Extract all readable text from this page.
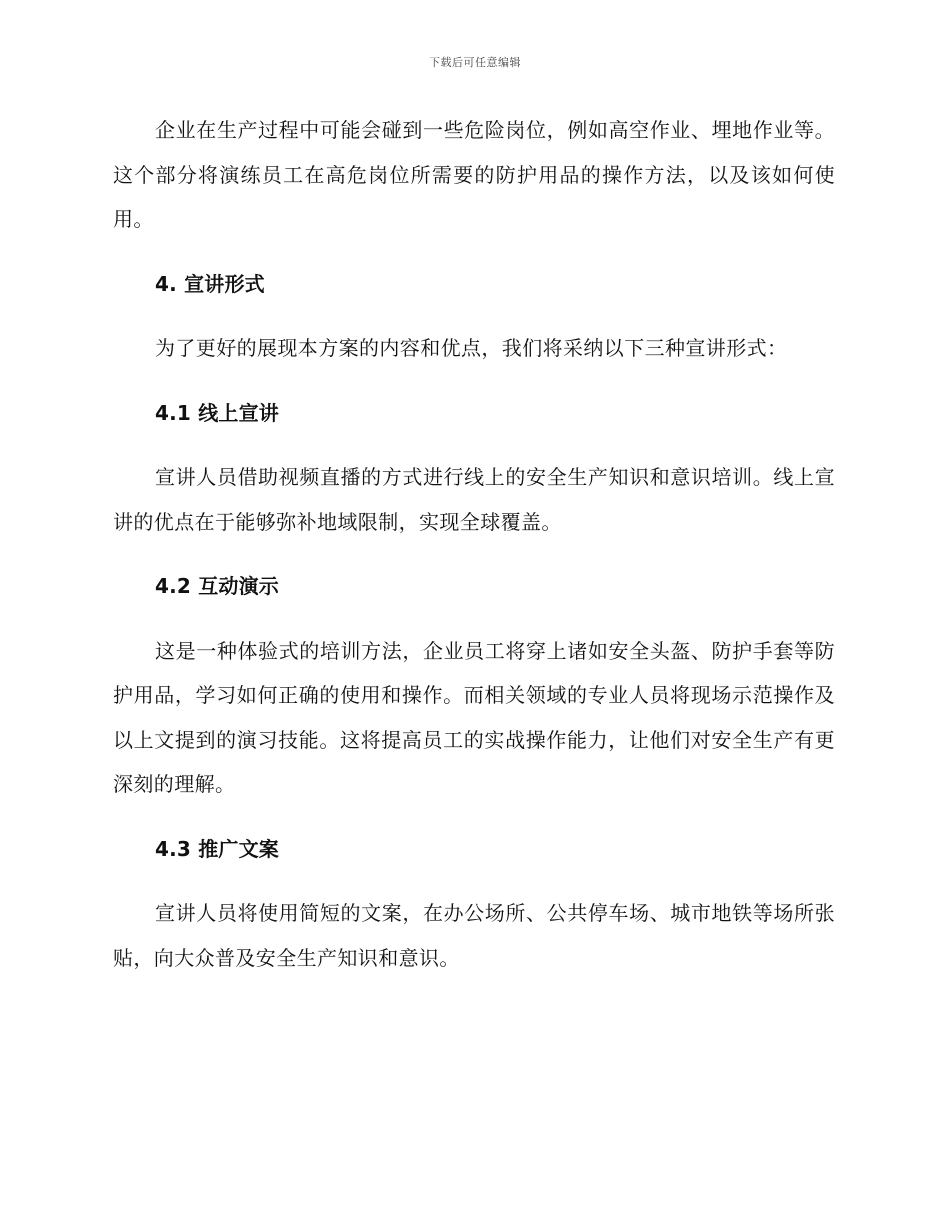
下载后可任意编辑

企业在生产过程中可能会碰到一些危险岗位，例如高空作业、埋地作业等。这个部分将演练员工在高危岗位所需要的防护用品的操作方法，以及该如何使用。

4. 宣讲形式

为了更好的展现本方案的内容和优点，我们将采纳以下三种宣讲形式：

4.1 线上宣讲

宣讲人员借助视频直播的方式进行线上的安全生产知识和意识培训。线上宣讲的优点在于能够弥补地域限制，实现全球覆盖。

4.2 互动演示

这是一种体验式的培训方法，企业员工将穿上诸如安全头盔、防护手套等防护用品，学习如何正确的使用和操作。而相关领域的专业人员将现场示范操作及以上文提到的演习技能。这将提高员工的实战操作能力，让他们对安全生产有更深刻的理解。

4.3 推广文案

宣讲人员将使用简短的文案，在办公场所、公共停车场、城市地铁等场所张贴，向大众普及安全生产知识和意识。
